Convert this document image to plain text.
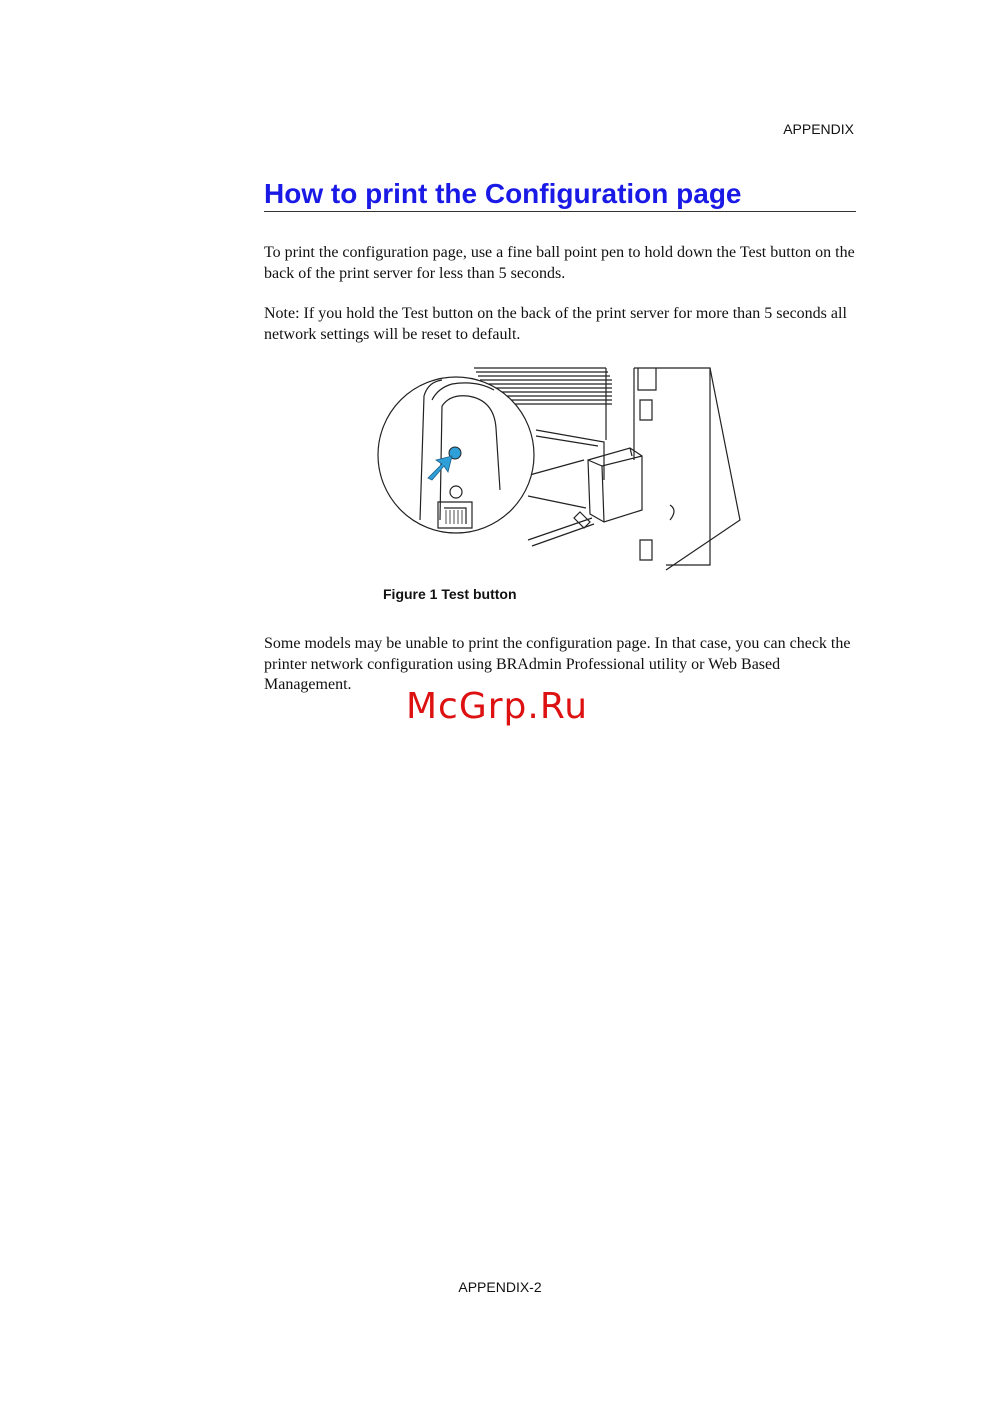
APPENDIX
How to print the Configuration page

To print the configuration page, use a fine ball point pen to hold down the Test button on the back of the print server for less than 5 seconds.

Note: If you hold the Test button on the back of the print server for more than 5 seconds all network settings will be reset to default.

Figure 1 Test button

Some models may be unable to print the configuration page. In that case, you can check the printer network configuration using BRAdmin Professional utility or Web Based Management.

McGrp.Ru
APPENDIX-2
